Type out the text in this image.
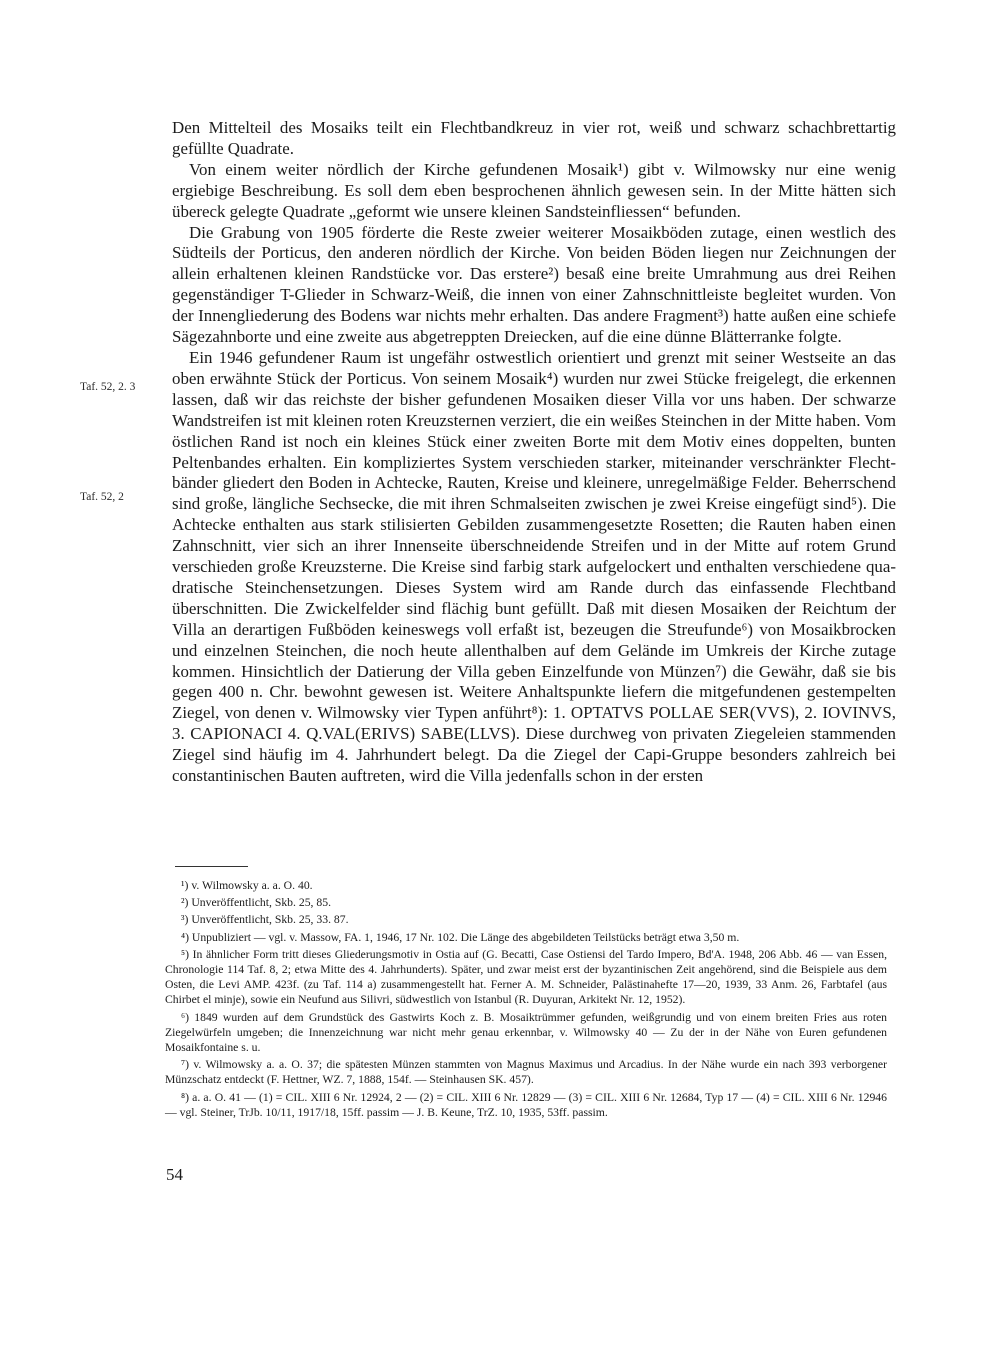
Den Mittelteil des Mosaiks teilt ein Flechtbandkreuz in vier rot, weiß und schwarz schachbrettartig gefüllte Quadrate.

Von einem weiter nördlich der Kirche gefundenen Mosaik¹) gibt v. Wilmowsky nur eine wenig ergiebige Beschreibung. Es soll dem eben besprochenen ähnlich gewesen sein. In der Mitte hätten sich übereck gelegte Quadrate „geformt wie unsere kleinen Sandsteinfliessen“ befunden.

Die Grabung von 1905 förderte die Reste zweier weiterer Mosaikböden zutage, einen westlich des Südteils der Porticus, den anderen nördlich der Kirche. Von beiden Böden liegen nur Zeichnungen der allein erhaltenen kleinen Randstücke vor. Das erstere²) besaß eine breite Umrahmung aus drei Reihen gegenständiger T-Glieder in Schwarz-Weiß, die innen von einer Zahnschnittleiste begleitet wurden. Von der Innengliederung des Bodens war nichts mehr erhalten. Das andere Fragment³) hatte außen eine schiefe Sägezahnborte und eine zweite aus abgetreppten Dreiecken, auf die eine dünne Blätterranke folgte.

Ein 1946 gefundener Raum ist ungefähr ostwestlich orientiert und grenzt mit seiner Westseite an das oben erwähnte Stück der Porticus. Von seinem Mosaik⁴) wurden nur zwei Stücke freigelegt, die erkennen lassen, daß wir das reichste der bisher gefundenen Mosaiken dieser Villa vor uns haben. Der schwarze Wandstreifen ist mit kleinen roten Kreuzsternen verziert, die ein weißes Steinchen in der Mitte haben. Vom östlichen Rand ist noch ein kleines Stück einer zweiten Borte mit dem Motiv eines doppelten, bunten Peltenbandes erhalten. Ein kompliziertes System verschieden starker, miteinander verschränkter Flechtbänder gliedert den Boden in Achtecke, Rauten, Kreise und kleinere, unregelmäßige Felder. Beherrschend sind große, längliche Sechsecke, die mit ihren Schmalseiten zwischen je zwei Kreise eingefügt sind⁵). Die Achtecke enthalten aus stark stilisierten Gebilden zusammengesetzte Rosetten; die Rauten haben einen Zahnschnitt, vier sich an ihrer Innenseite überschneidende Streifen und in der Mitte auf rotem Grund verschieden große Kreuzsterne. Die Kreise sind farbig stark aufgelockert und enthalten verschiedene quadratische Steinchensetzungen. Dieses System wird am Rande durch das einfassende Flechtband überschnitten. Die Zwickelfelder sind flächig bunt gefüllt. Daß mit diesen Mosaiken der Reichtum der Villa an derartigen Fußböden keineswegs voll erfaßt ist, bezeugen die Streufunde⁶) von Mosaikbrocken und einzelnen Steinchen, die noch heute allenthalben auf dem Gelände im Umkreis der Kirche zutage kommen. Hinsichtlich der Datierung der Villa geben Einzelfunde von Münzen⁷) die Gewähr, daß sie bis gegen 400 n. Chr. bewohnt gewesen ist. Weitere Anhaltspunkte liefern die mitgefundenen gestempelten Ziegel, von denen v. Wilmowsky vier Typen anführt⁸): 1. OPTATVS POLLAE SER(VVS), 2. IOVINVS, 3. CAPIONACI 4. Q.VAL(ERIVS) SABE(LLVS). Diese durchweg von privaten Ziegeleien stammenden Ziegel sind häufig im 4. Jahrhundert belegt. Da die Ziegel der Capi-Gruppe besonders zahlreich bei constantinischen Bauten auftreten, wird die Villa jedenfalls schon in der ersten

Taf. 52, 2. 3
Taf. 52, 2

¹) v. Wilmowsky a. a. O. 40.

²) Unveröffentlicht, Skb. 25, 85.

³) Unveröffentlicht, Skb. 25, 33. 87.

⁴) Unpubliziert — vgl. v. Massow, FA. 1, 1946, 17 Nr. 102. Die Länge des abgebildeten Teilstücks beträgt etwa 3,50 m.

⁵) In ähnlicher Form tritt dieses Gliederungsmotiv in Ostia auf (G. Becatti, Case Ostiensi del Tardo Impero, Bd'A. 1948, 206 Abb. 46 — van Essen, Chronologie 114 Taf. 8, 2; etwa Mitte des 4. Jahrhunderts). Später, und zwar meist erst der byzantinischen Zeit angehörend, sind die Beispiele aus dem Osten, die Levi AMP. 423f. (zu Taf. 114 a) zusammengestellt hat. Ferner A. M. Schneider, Palästinahefte 17—20, 1939, 33 Anm. 26, Farbtafel (aus Chirbet el minje), sowie ein Neufund aus Silivri, südwestlich von Istanbul (R. Duyuran, Arkitekt Nr. 12, 1952).

⁶) 1849 wurden auf dem Grundstück des Gastwirts Koch z. B. Mosaiktrümmer gefunden, weißgrundig und von einem breiten Fries aus roten Ziegelwürfeln umgeben; die Innenzeichnung war nicht mehr genau erkennbar, v. Wilmowsky 40 — Zu der in der Nähe von Euren gefundenen Mosaikfontaine s. u.

⁷) v. Wilmowsky a. a. O. 37; die spätesten Münzen stammten von Magnus Maximus und Arcadius. In der Nähe wurde ein nach 393 verborgener Münzschatz entdeckt (F. Hettner, WZ. 7, 1888, 154f. — Steinhausen SK. 457).

⁸) a. a. O. 41 — (1) = CIL. XIII 6 Nr. 12924, 2 — (2) = CIL. XIII 6 Nr. 12829 — (3) = CIL. XIII 6 Nr. 12684, Typ 17 — (4) = CIL. XIII 6 Nr. 12946 — vgl. Steiner, TrJb. 10/11, 1917/18, 15ff. passim — J. B. Keune, TrZ. 10, 1935, 53ff. passim.

54
